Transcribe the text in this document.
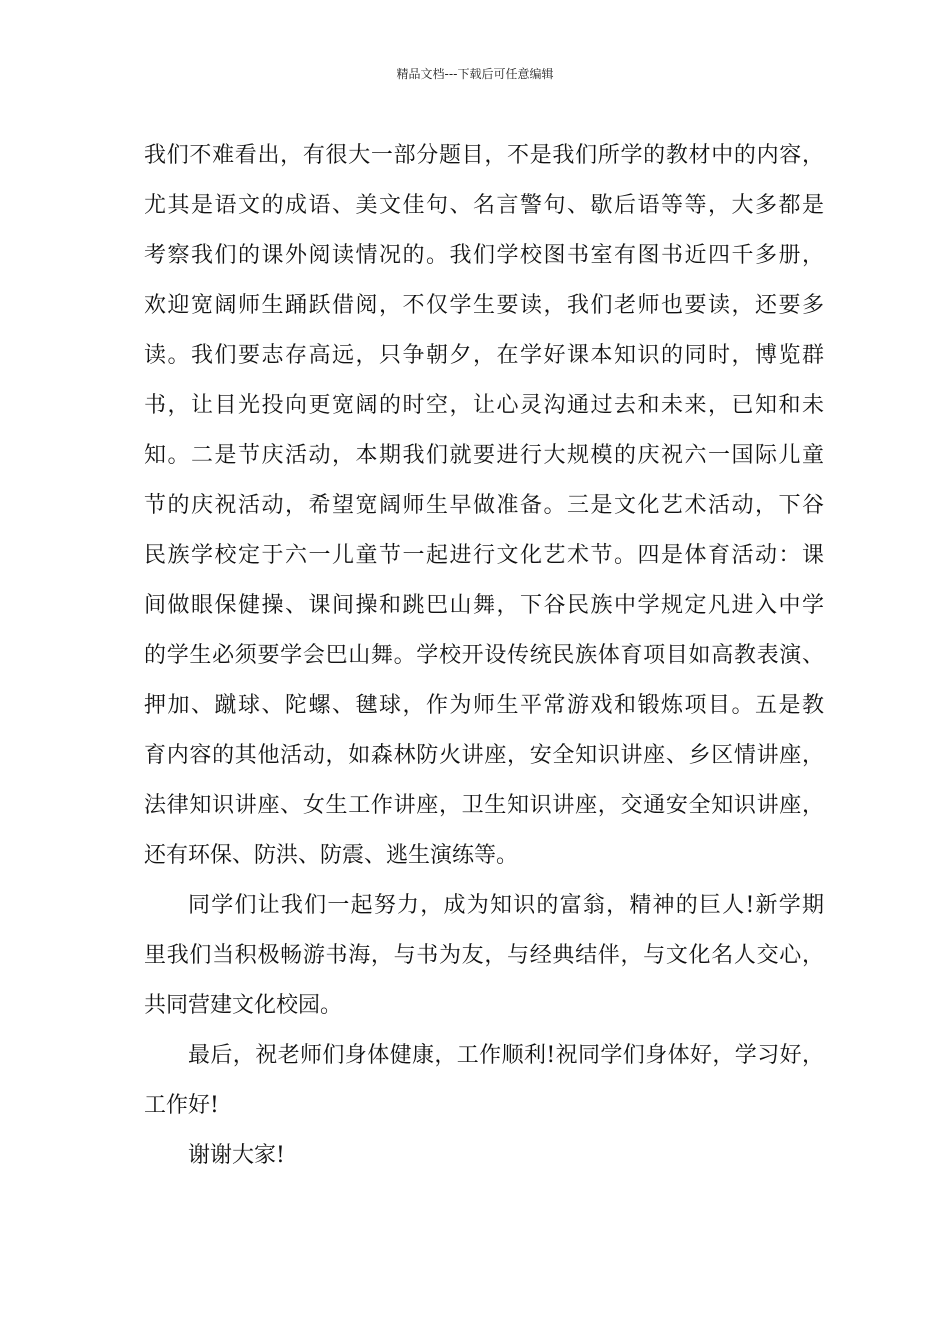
精品文档---下载后可任意编辑
我们不难看出，有很大一部分题目，不是我们所学的教材中的内容，
尤其是语文的成语、美文佳句、名言警句、歇后语等等，大多都是
考察我们的课外阅读情况的。我们学校图书室有图书近四千多册，
欢迎宽阔师生踊跃借阅，不仅学生要读，我们老师也要读，还要多
读。我们要志存高远，只争朝夕，在学好课本知识的同时，博览群
书，让目光投向更宽阔的时空，让心灵沟通过去和未来，已知和未
知。二是节庆活动，本期我们就要进行大规模的庆祝六一国际儿童
节的庆祝活动，希望宽阔师生早做准备。三是文化艺术活动，下谷
民族学校定于六一儿童节一起进行文化艺术节。四是体育活动：课
间做眼保健操、课间操和跳巴山舞，下谷民族中学规定凡进入中学
的学生必须要学会巴山舞。学校开设传统民族体育项目如高教表演、
押加、蹴球、陀螺、毽球，作为师生平常游戏和锻炼项目。五是教
育内容的其他活动，如森林防火讲座，安全知识讲座、乡区情讲座，
法律知识讲座、女生工作讲座，卫生知识讲座，交通安全知识讲座，
还有环保、防洪、防震、逃生演练等。
同学们让我们一起努力，成为知识的富翁，精神的巨人!新学期
里我们当积极畅游书海，与书为友，与经典结伴，与文化名人交心，
共同营建文化校园。
最后，祝老师们身体健康，工作顺利!祝同学们身体好，学习好，
工作好!
谢谢大家!
